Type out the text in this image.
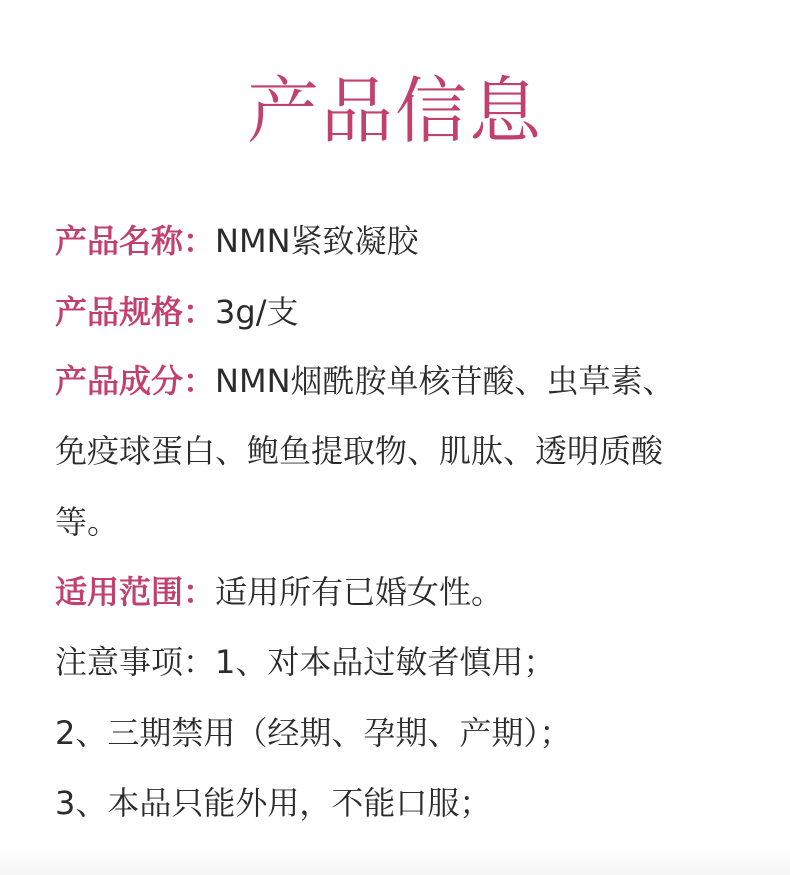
产品信息
产品名称：NMN紧致凝胶
产品规格：3g/支
产品成分：NMN烟酰胺单核苷酸、虫草素、
免疫球蛋白、鲍鱼提取物、肌肽、透明质酸
等。
适用范围：适用所有已婚女性。
注意事项：1、对本品过敏者慎用；
2、三期禁用（经期、孕期、产期）；
3、本品只能外用，不能口服；
